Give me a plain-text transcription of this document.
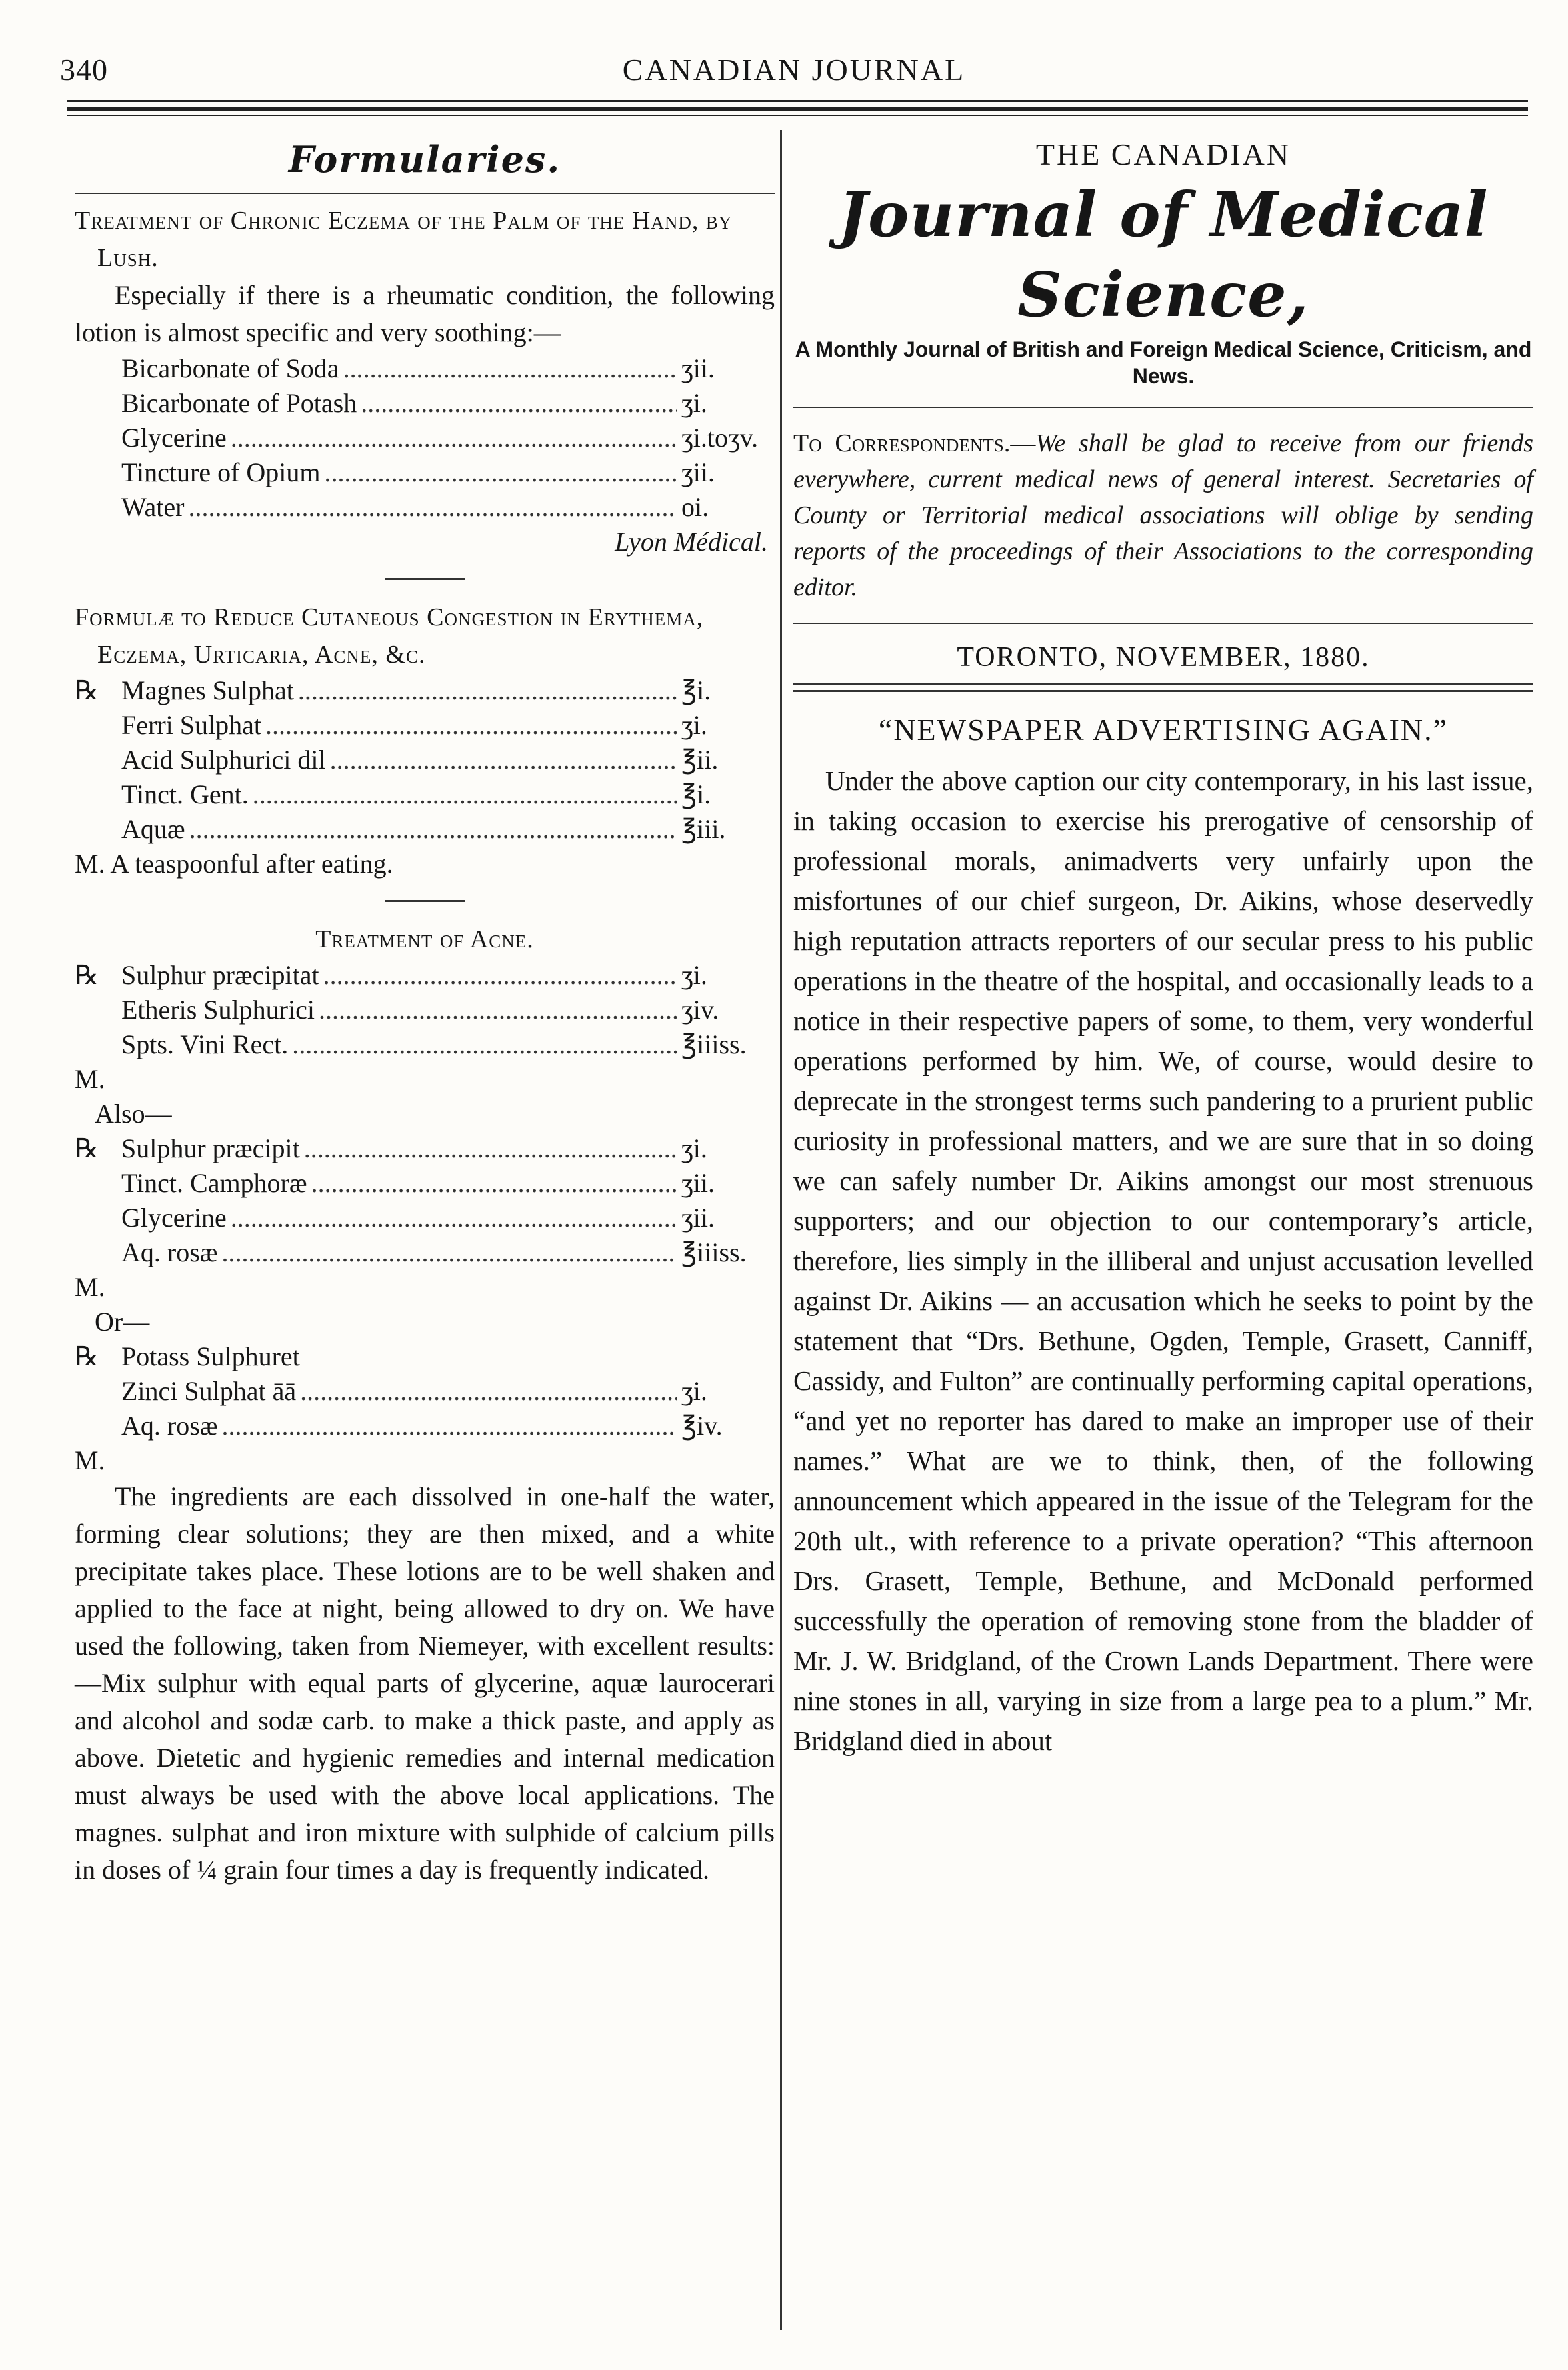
340	CANADIAN JOURNAL
Formularies.
Treatment of Chronic Eczema of the Palm of the Hand, by Lush.

Especially if there is a rheumatic condition, the following lotion is almost specific and very soothing:—

Bicarbonate of Soda .....	ʒii.
Bicarbonate of Potash .....	ʒi.
Glycerine .....	ʒi.toʒv.
Tincture of Opium .....	ʒii.
Water .....	oi.
Lyon Médical.
Formulæ to Reduce Cutaneous Congestion in Erythema, Eczema, Urticaria, Acne, &c.
℞ Magnes Sulphat .....	℥i.
Ferri Sulphat .....	ʒi.
Acid Sulphurici dil .....	℥ii.
Tinct. Gent. .....	℥i.
Aquæ .....	℥iii.
M. A teaspoonful after eating.
Treatment of Acne.
℞ Sulphur præcipitat .....	ʒi.
Etheris Sulphurici .....	ʒiv.
Spts. Vini Rect. .....	℥iiiss.
M.
Also—
℞ Sulphur præcipit .....	ʒi.
Tinct. Camphoræ .....	ʒii.
Glycerine .....	ʒii.
Aq. rosæ .....	℥iiiss.
M.
Or—
℞ Potass Sulphuret
Zinci Sulphat āā .....	ʒi.
Aq. rosæ .....	℥iv.
M.

The ingredients are each dissolved in one-half the water, forming clear solutions; they are then mixed, and a white precipitate takes place. These lotions are to be well shaken and applied to the face at night, being allowed to dry on. We have used the following, taken from Niemeyer, with excellent results:—Mix sulphur with equal parts of glycerine, aquæ laurocerari and alcohol and sodæ carb. to make a thick paste, and apply as above. Dietetic and hygienic remedies and internal medication must always be used with the above local applications. The magnes. sulphat and iron mixture with sulphide of calcium pills in doses of ¼ grain four times a day is frequently indicated.

THE CANADIAN
Journal of Medical Science,
A Monthly Journal of British and Foreign Medical Science, Criticism, and News.
To Correspondents.—We shall be glad to receive from our friends everywhere, current medical news of general interest. Secretaries of County or Territorial medical associations will oblige by sending reports of the proceedings of their Associations to the corresponding editor.
TORONTO, NOVEMBER, 1880.
“NEWSPAPER ADVERTISING AGAIN.”

Under the above caption our city contemporary, in his last issue, in taking occasion to exercise his prerogative of censorship of professional morals, animadverts very unfairly upon the misfortunes of our chief surgeon, Dr. Aikins, whose deservedly high reputation attracts reporters of our secular press to his public operations in the theatre of the hospital, and occasionally leads to a notice in their respective papers of some, to them, very wonderful operations performed by him. We, of course, would desire to deprecate in the strongest terms such pandering to a prurient public curiosity in professional matters, and we are sure that in so doing we can safely number Dr. Aikins amongst our most strenuous supporters; and our objection to our contemporary’s article, therefore, lies simply in the illiberal and unjust accusation levelled against Dr. Aikins — an accusation which he seeks to point by the statement that “Drs. Bethune, Ogden, Temple, Grasett, Canniff, Cassidy, and Fulton” are continually performing capital operations, “and yet no reporter has dared to make an improper use of their names.” What are we to think, then, of the following announcement which appeared in the issue of the Telegram for the 20th ult., with reference to a private operation? “This afternoon Drs. Grasett, Temple, Bethune, and McDonald performed successfully the operation of removing stone from the bladder of Mr. J. W. Bridgland, of the Crown Lands Department. There were nine stones in all, varying in size from a large pea to a plum.” Mr. Bridgland died in about
